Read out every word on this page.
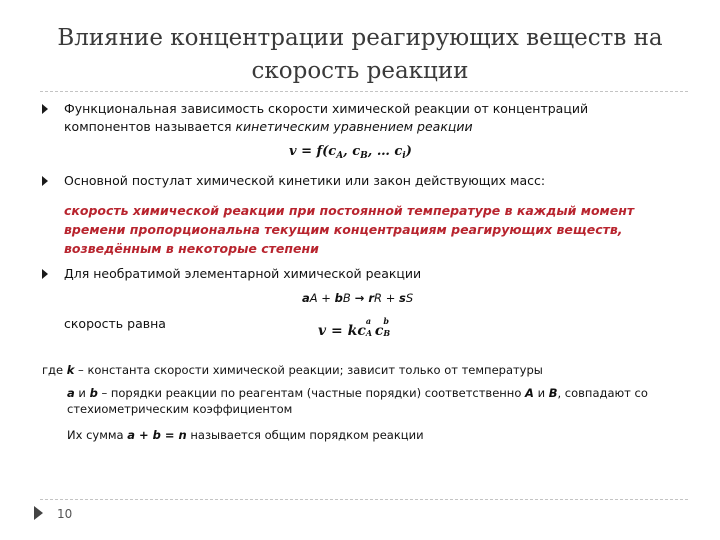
Влияние концентрации реагирующих веществ на
скорость реакции
Функциональная зависимость скорости химической реакции от концентраций
компонентов называется кинетическим уравнением реакции
$v = f(c_A$, $c_B$, … $c_i$)
Основной постулат химической кинетики или закон действующих масс:
скорость химической реакции при постоянной температуре в каждый момент
времени пропорциональна текущим концентрациям реагирующих веществ,
возведённым в некоторые степени
Для необратимой элементарной химической реакции
aA + bB → rR + sS
скорость равна	v = kc
a
A c
b
B
где k – константа скорости химической реакции; зависит только от температуры
a и b – порядки реакции по реагентам (частные порядки) соответственно A и B, совпадают со
стехиометрическим коэффициентом
Их сумма a + b = n называется общим порядком реакции
10
